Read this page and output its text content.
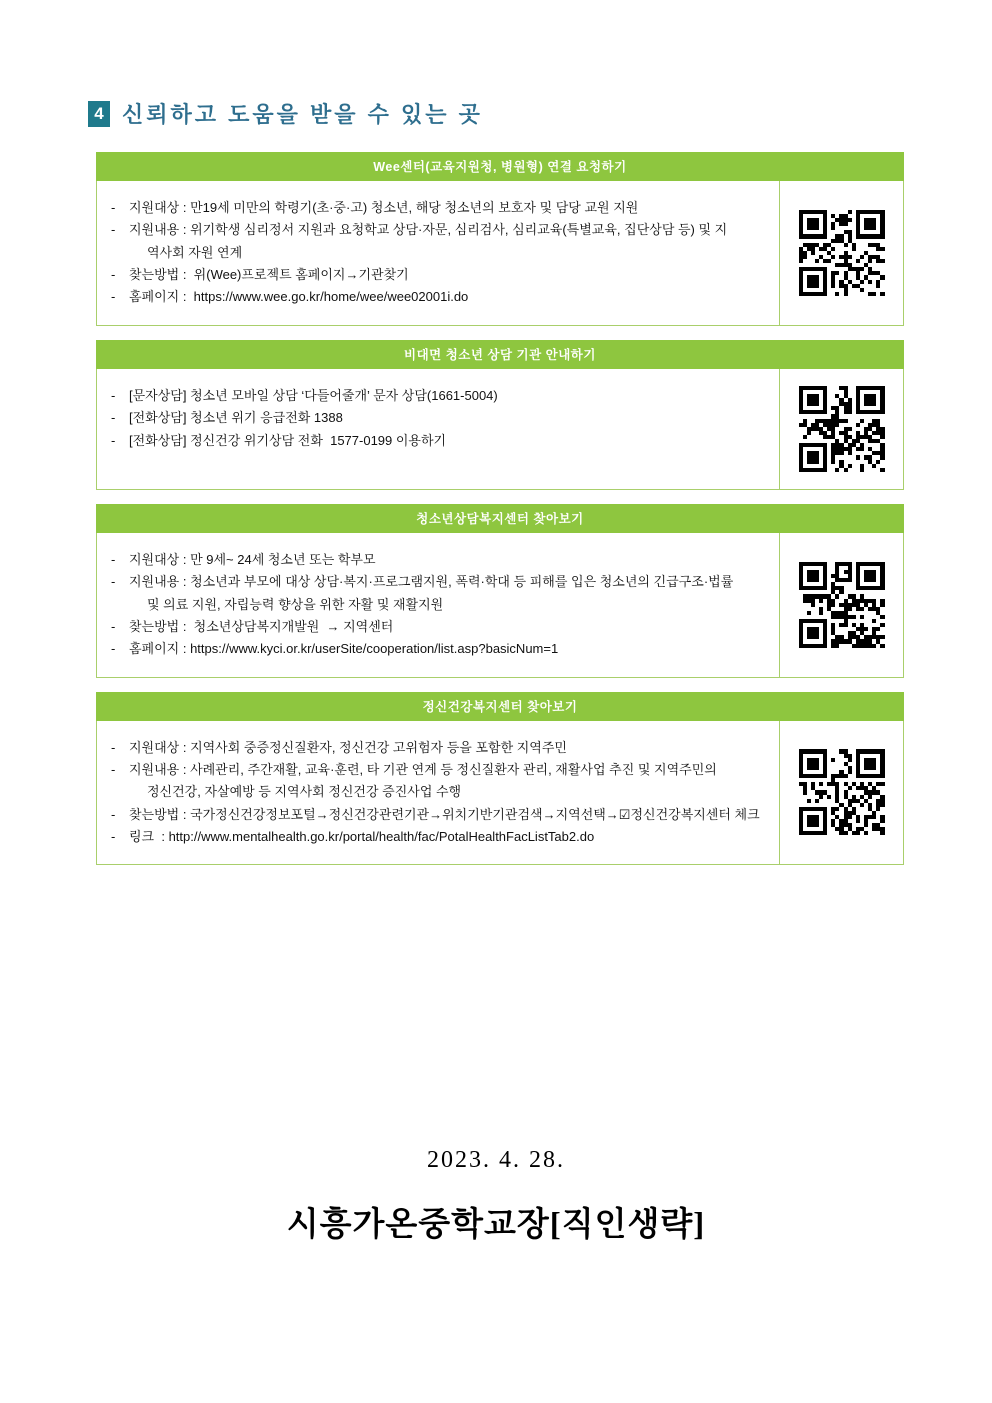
4 신뢰하고 도움을 받을 수 있는 곳
Wee센터(교육지원청, 병원형) 연결 요청하기
-	지원대상 : 만19세 미만의 학령기(초·중·고) 청소년, 해당 청소년의 보호자 및 담당 교원 지원
-	지원내용 : 위기학생 심리정서 지원과 요청학교 상담·자문, 심리검사, 심리교육(특별교육, 집단상담 등) 및 지
역사회 자원 연계
-	찾는방법 :  위(Wee)프로젝트 홈페이지→기관찾기
-	홈페이지 :  https://www.wee.go.kr/home/wee/wee02001i.do
비대면 청소년 상담 기관 안내하기
-	[문자상담] 청소년 모바일 상담 ‘다들어줄개’ 문자 상담(1661-5004)
-	[전화상담] 청소년 위기 응급전화 1388
-	[전화상담] 정신건강 위기상담 전화  1577-0199 이용하기
청소년상담복지센터 찾아보기
-	지원대상 : 만 9세~ 24세 청소년 또는 학부모
-	지원내용 : 청소년과 부모에 대상 상담·복지·프로그램지원, 폭력·학대 등 피해를 입은 청소년의 긴급구조·법률
및 의료 지원, 자립능력 향상을 위한 자활 및 재활지원
-	찾는방법 :  청소년상담복지개발원  → 지역센터
-	홈페이지 : https://www.kyci.or.kr/userSite/cooperation/list.asp?basicNum=1
정신건강복지센터 찾아보기
-	지원대상 : 지역사회 중증정신질환자, 정신건강 고위험자 등을 포함한 지역주민
-	지원내용 : 사례관리, 주간재활, 교육·훈련, 타 기관 연계 등 정신질환자 관리, 재활사업 추진 및 지역주민의
정신건강, 자살예방 등 지역사회 정신건강 증진사업 수행
-	찾는방법 : 국가정신건강정보포털→정신건강관련기관→위치기반기관검색→지역선택→☑정신건강복지센터 체크
-	링크  : http://www.mentalhealth.go.kr/portal/health/fac/PotalHealthFacListTab2.do
2023. 4. 28.
시흥가온중학교장[직인생략]
